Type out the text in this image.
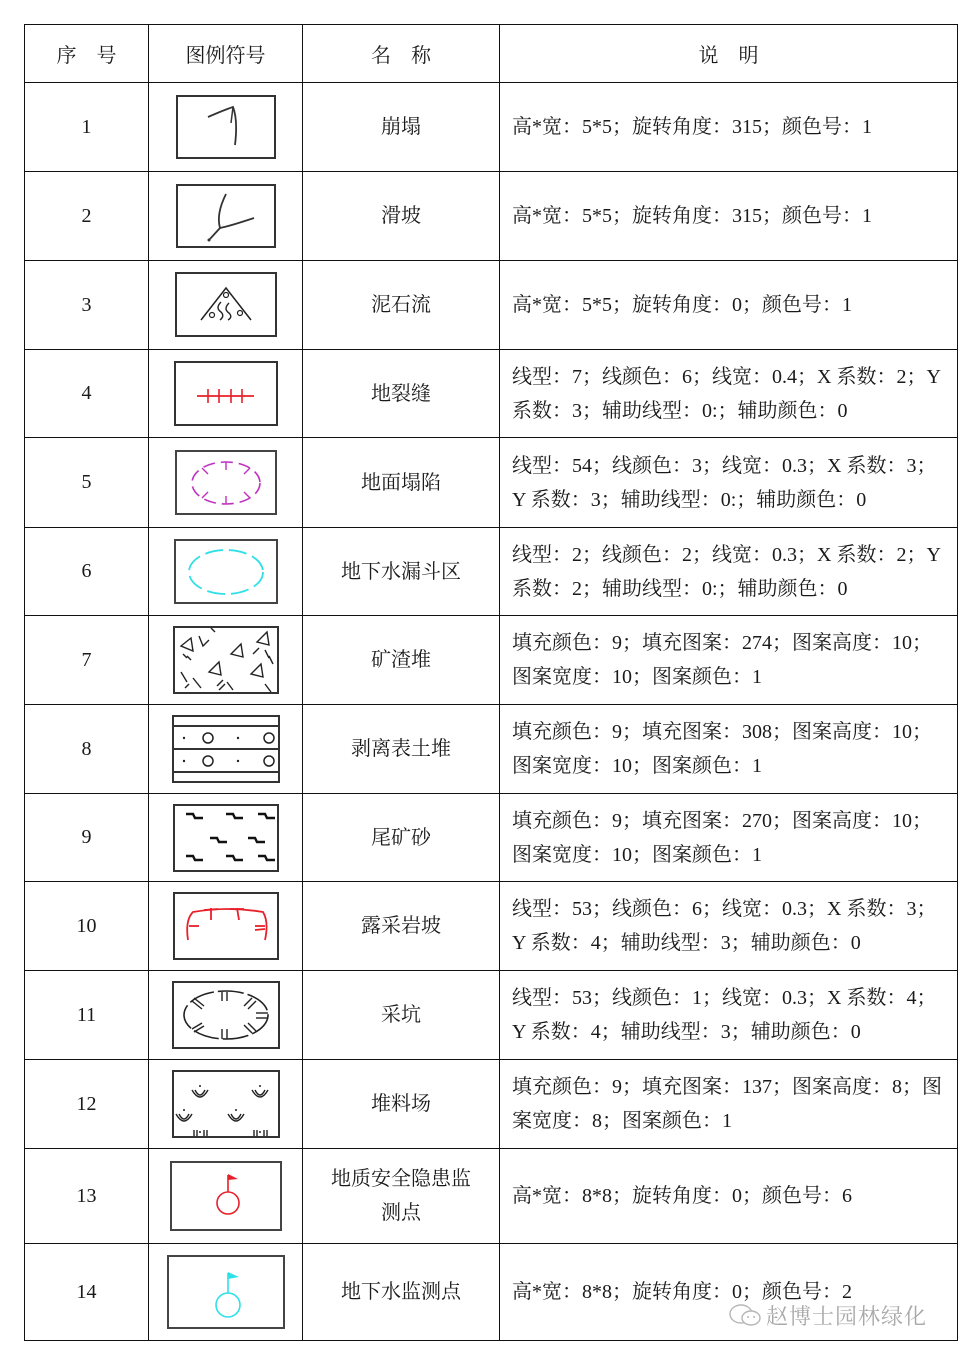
序　号	图例符号	名　称	说　明
1		崩塌	高*宽：5*5；旋转角度：315；颜色号：1
2		滑坡	高*宽：5*5；旋转角度：315；颜色号：1
3		泥石流	高*宽：5*5；旋转角度：0；颜色号：1
4		地裂缝	线型：7；线颜色：6；线宽：0.4；X 系数：2；Y 系数：3；辅助线型：0:；辅助颜色：0
5		地面塌陷	线型：54；线颜色：3；线宽：0.3；X 系数：3；Y 系数：3；辅助线型：0:；辅助颜色：0
6		地下水漏斗区	线型：2；线颜色：2；线宽：0.3；X 系数：2；Y 系数：2；辅助线型：0:；辅助颜色：0
7		矿渣堆	填充颜色：9；填充图案：274；图案高度：10；图案宽度：10；图案颜色：1
8		剥离表土堆	填充颜色：9；填充图案：308；图案高度：10；图案宽度：10；图案颜色：1
9		尾矿砂	填充颜色：9；填充图案：270；图案高度：10；图案宽度：10；图案颜色：1
10		露采岩坡	线型：53；线颜色：6；线宽：0.3；X 系数：3；Y 系数：4；辅助线型：3；辅助颜色：0
11		采坑	线型：53；线颜色：1；线宽：0.3；X 系数：4；Y 系数：4；辅助线型：3；辅助颜色：0
12		堆料场	填充颜色：9；填充图案：137；图案高度：8；图案宽度：8；图案颜色：1
13		地质安全隐患监测点	高*宽：8*8；旋转角度：0；颜色号：6
14		地下水监测点	高*宽：8*8；旋转角度：0；颜色号：2
赵博士园林绿化
